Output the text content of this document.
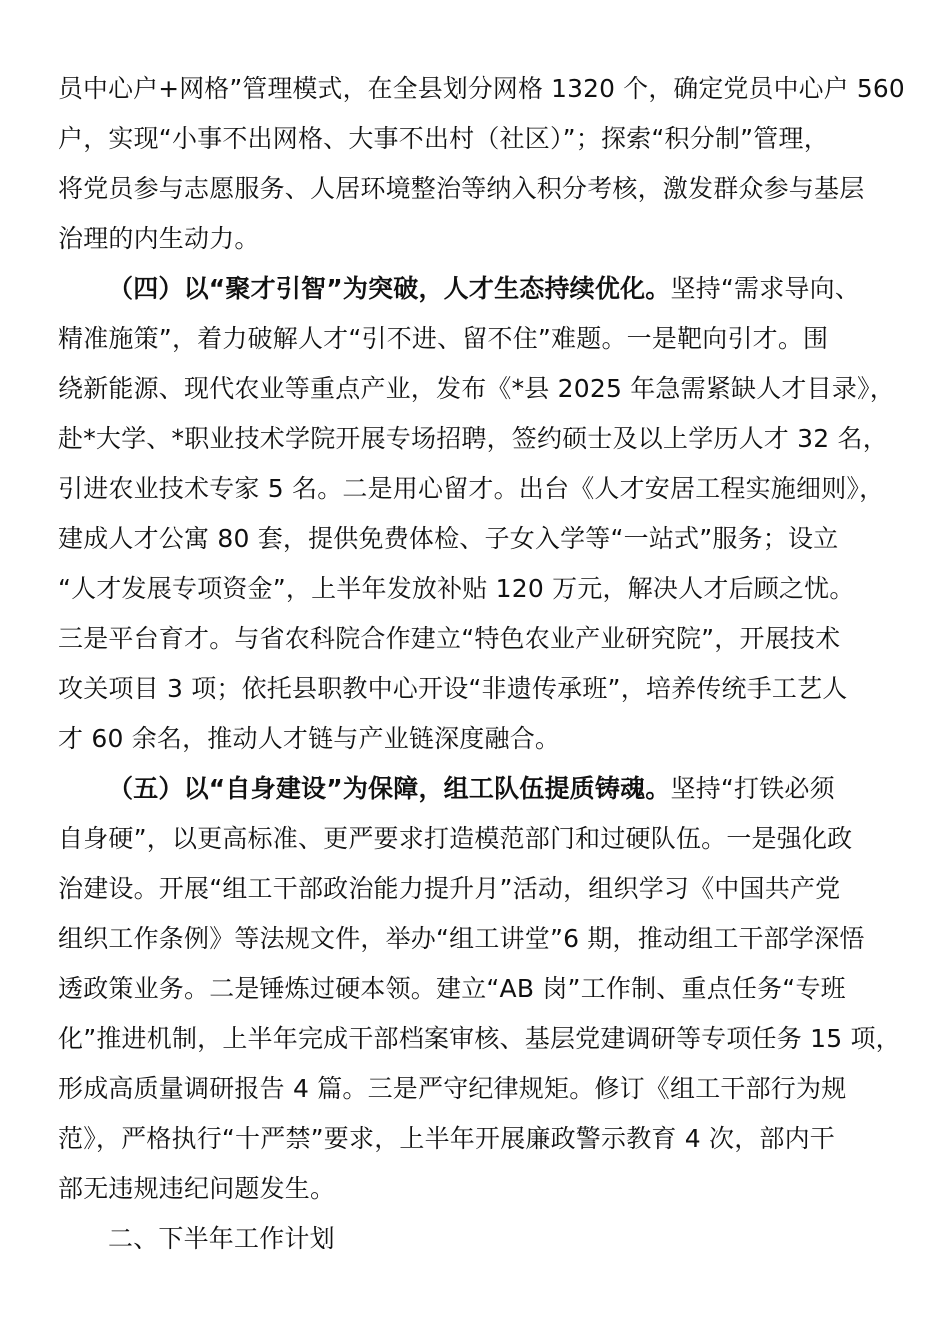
员中心户+网格”管理模式，在全县划分网格 1320 个，确定党员中心户 560
户，实现“小事不出网格、大事不出村（社区）”；探索“积分制”管理，
将党员参与志愿服务、人居环境整治等纳入积分考核，激发群众参与基层
治理的内生动力。
（四）以“聚才引智”为突破，人才生态持续优化。坚持“需求导向、
精准施策”，着力破解人才“引不进、留不住”难题。一是靶向引才。围
绕新能源、现代农业等重点产业，发布《*县 2025 年急需紧缺人才目录》，
赴*大学、*职业技术学院开展专场招聘，签约硕士及以上学历人才 32 名，
引进农业技术专家 5 名。二是用心留才。出台《人才安居工程实施细则》，
建成人才公寓 80 套，提供免费体检、子女入学等“一站式”服务；设立
“人才发展专项资金”，上半年发放补贴 120 万元，解决人才后顾之忧。
三是平台育才。与省农科院合作建立“特色农业产业研究院”，开展技术
攻关项目 3 项；依托县职教中心开设“非遗传承班”，培养传统手工艺人
才 60 余名，推动人才链与产业链深度融合。
（五）以“自身建设”为保障，组工队伍提质铸魂。坚持“打铁必须
自身硬”，以更高标准、更严要求打造模范部门和过硬队伍。一是强化政
治建设。开展“组工干部政治能力提升月”活动，组织学习《中国共产党
组织工作条例》等法规文件，举办“组工讲堂”6 期，推动组工干部学深悟
透政策业务。二是锤炼过硬本领。建立“AB 岗”工作制、重点任务“专班
化”推进机制，上半年完成干部档案审核、基层党建调研等专项任务 15 项，
形成高质量调研报告 4 篇。三是严守纪律规矩。修订《组工干部行为规
范》，严格执行“十严禁”要求，上半年开展廉政警示教育 4 次，部内干
部无违规违纪问题发生。
二、下半年工作计划
